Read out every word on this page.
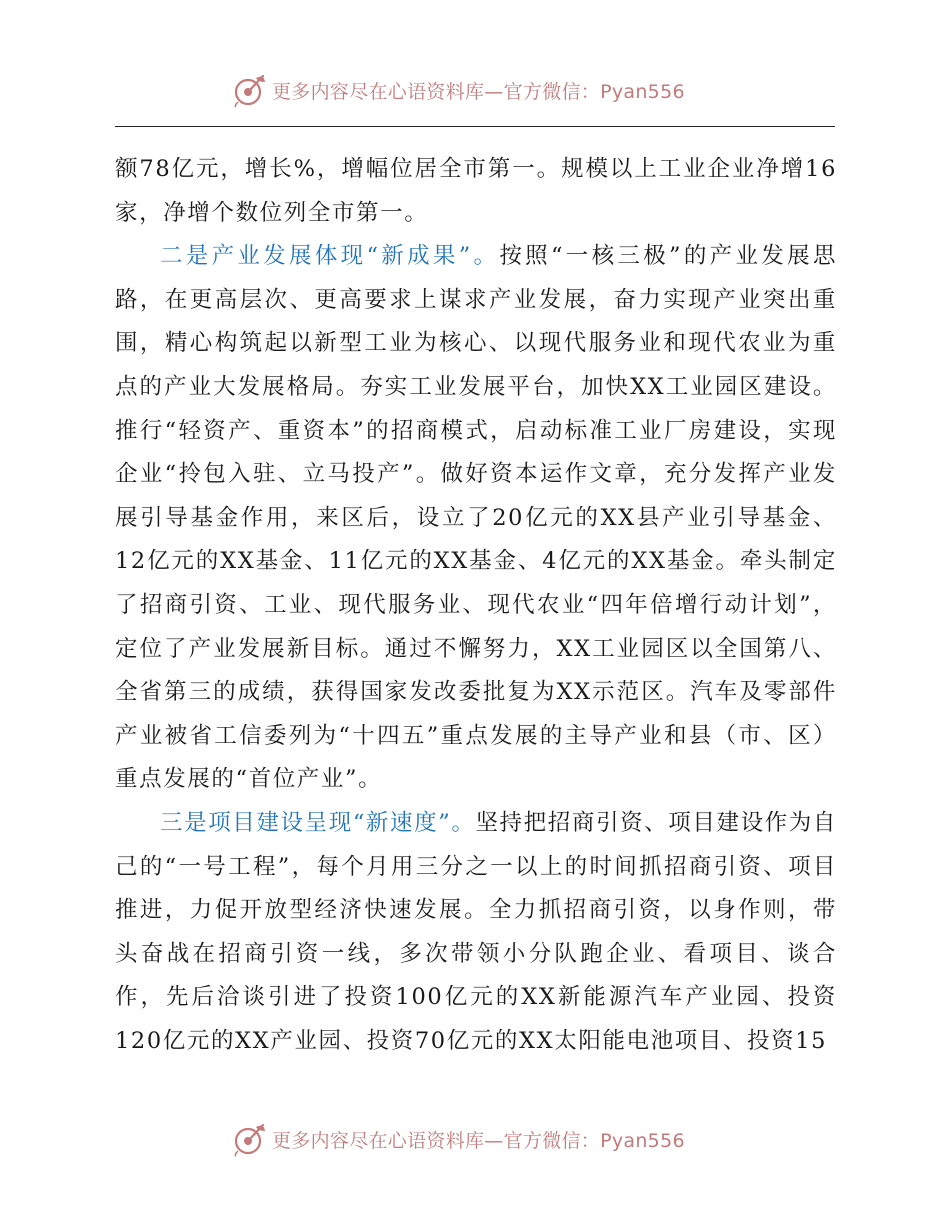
更多内容尽在心语资料库—官方微信：Pyan556

额78亿元，增长%，增幅位居全市第一。规模以上工业企业净增16家，净增个数位列全市第一。

二是产业发展体现“新成果”。按照“一核三极”的产业发展思路，在更高层次、更高要求上谋求产业发展，奋力实现产业突出重围，精心构筑起以新型工业为核心、以现代服务业和现代农业为重点的产业大发展格局。夯实工业发展平台，加快XX工业园区建设。推行“轻资产、重资本”的招商模式，启动标准工业厂房建设，实现企业“拎包入驻、立马投产”。做好资本运作文章，充分发挥产业发展引导基金作用，来区后，设立了20亿元的XX县产业引导基金、12亿元的XX基金、11亿元的XX基金、4亿元的XX基金。牵头制定了招商引资、工业、现代服务业、现代农业“四年倍增行动计划”，定位了产业发展新目标。通过不懈努力，XX工业园区以全国第八、全省第三的成绩，获得国家发改委批复为XX示范区。汽车及零部件产业被省工信委列为“十四五”重点发展的主导产业和县（市、区）重点发展的“首位产业”。

三是项目建设呈现“新速度”。坚持把招商引资、项目建设作为自己的“一号工程”，每个月用三分之一以上的时间抓招商引资、项目推进，力促开放型经济快速发展。全力抓招商引资，以身作则，带头奋战在招商引资一线，多次带领小分队跑企业、看项目、谈合作，先后洽谈引进了投资100亿元的XX新能源汽车产业园、投资120亿元的XX产业园、投资70亿元的XX太阳能电池项目、投资15

更多内容尽在心语资料库—官方微信：Pyan556
